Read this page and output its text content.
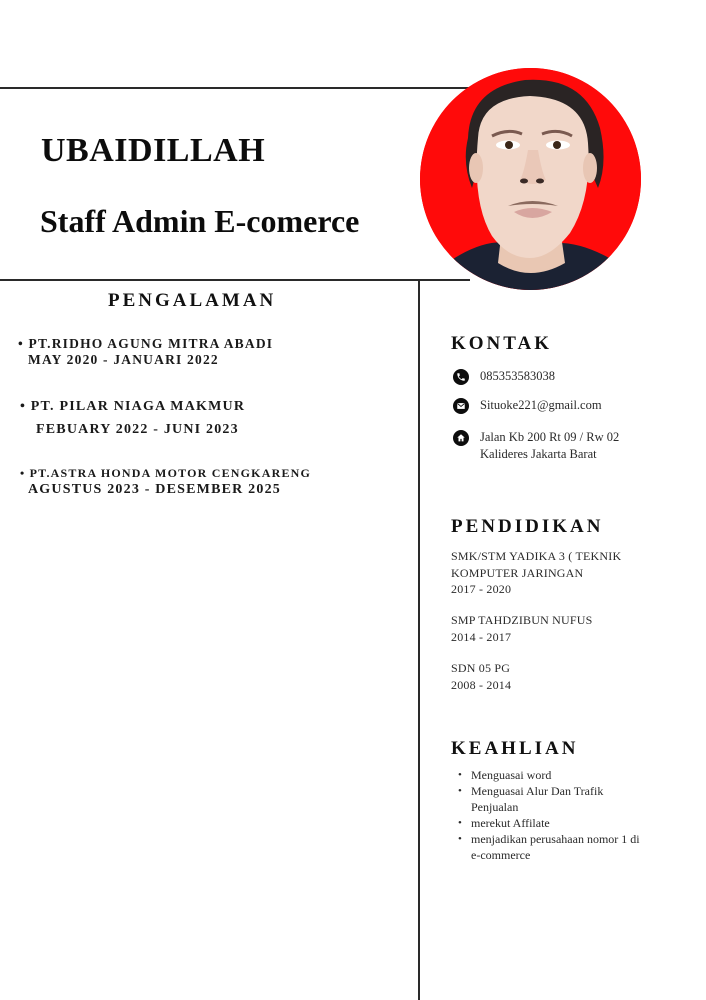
UBAIDILLAH
Staff Admin E-comerce
PENGALAMAN
• PT.RIDHO AGUNG MITRA ABADI
MAY 2020 - JANUARI 2022
• PT. PILAR NIAGA MAKMUR
FEBUARY 2022 - JUNI 2023
• PT.ASTRA HONDA MOTOR CENGKARENG
AGUSTUS 2023 - DESEMBER 2025
KONTAK
085353583038
Situoke221@gmail.com
Jalan Kb 200 Rt 09 / Rw 02
Kalideres Jakarta Barat
PENDIDIKAN
SMK/STM YADIKA 3 ( TEKNIK
KOMPUTER JARINGAN
2017 - 2020
SMP TAHDZIBUN NUFUS
2014 - 2017
SDN 05 PG
2008 - 2014
KEAHLIAN
• Menguasai word
• Menguasai Alur Dan Trafik Penjualan
• merekut Affilate
• menjadikan perusahaan nomor 1 di e-commerce
